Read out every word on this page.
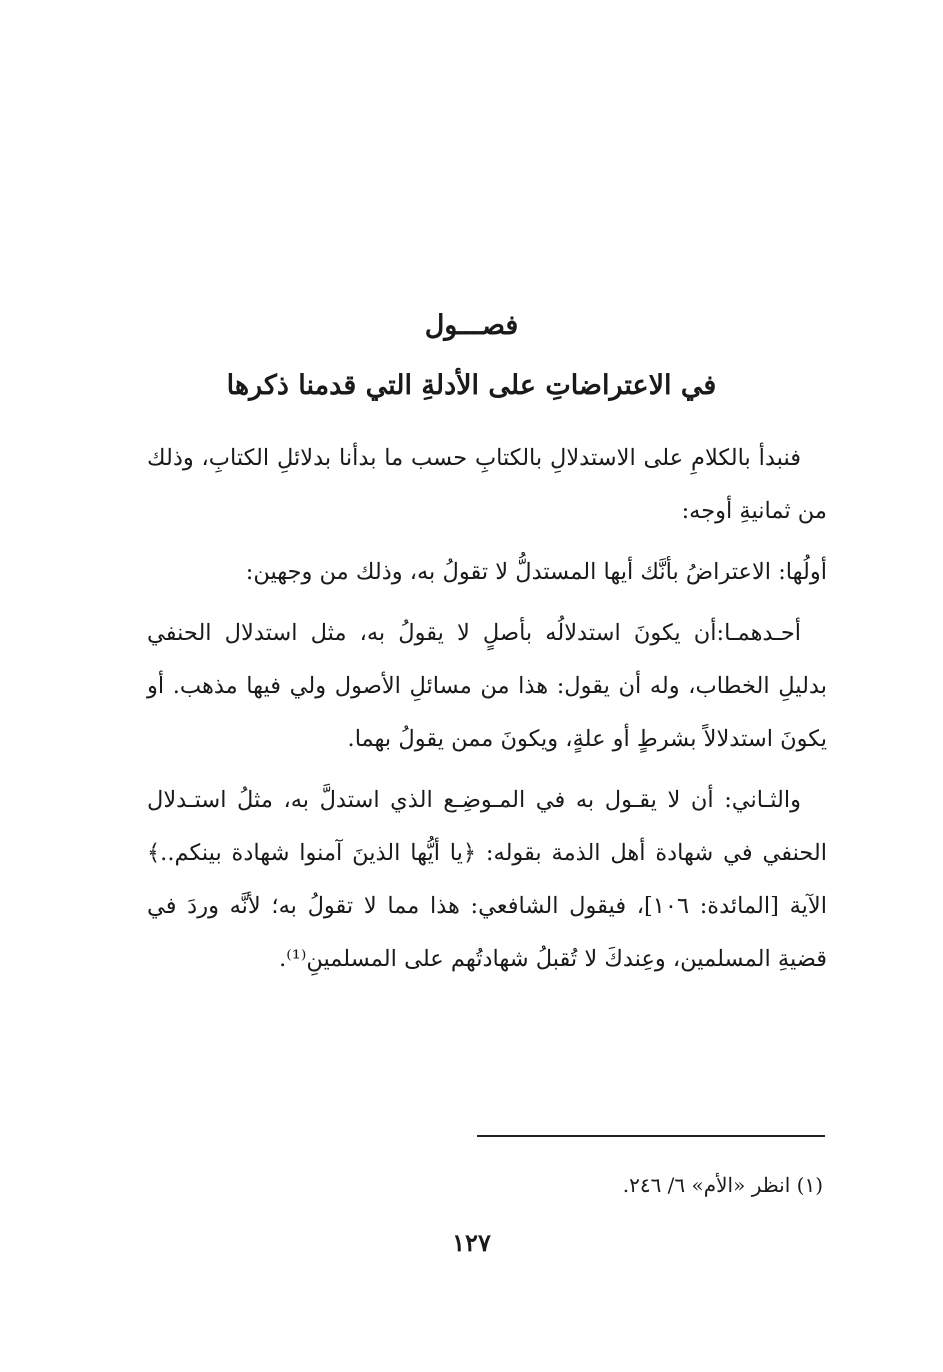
فصـــول
في الاعتراضاتِ على الأدلةِ التي قدمنا ذكرها

فنبدأ بالكلامِ على الاستدلالِ بالكتابِ حسب ما بدأنا بدلائلِ الكتابِ، وذلك من ثمانيةِ أوجه:

أولُها: الاعتراضُ بأنَّك أيها المستدلُّ لا تقولُ به، وذلك من وجهين:

أحـدهمـا:أن يكونَ استدلالُه بأصلٍ لا يقولُ به، مثل استدلال الحنفي بدليلِ الخطاب، وله أن يقول: هذا من مسائلِ الأصول ولي فيها مذهب. أو يكونَ استدلالاً بشرطٍ أو علةٍ، ويكونَ ممن يقولُ بهما.

والثـاني: أن لا يقـول به في المـوضِـع الذي استدلَّ به، مثلُ استـدلال الحنفي في شهادة أهل الذمة بقوله: ﴿يا أيُّها الذينَ آمنوا شهادة بينكم..﴾ الآية [المائدة: ١٠٦]، فيقول الشافعي: هذا مما لا تقولُ به؛ لأنَّه وردَ في قضيةِ المسلمين، وعِندكَ لا تُقبلُ شهادتُهم على المسلمينِ⁽¹⁾.

(١) انظر «الأم» ٦/ ٢٤٦.
١٢٧
